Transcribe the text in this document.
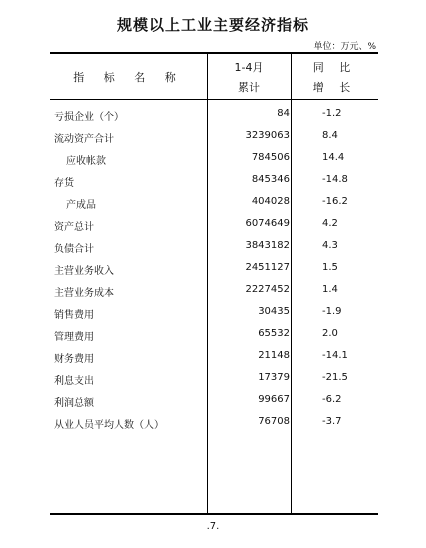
规模以上工业主要经济指标
单位：万元、%
指 标 名 称
1-4月
累计
同 比
增 长
亏损企业（个）	84	-1.2
流动资产合计	3239063	8.4
应收帐款	784506	14.4
存货	845346	-14.8
产成品	404028	-16.2
资产总计	6074649	4.2
负债合计	3843182	4.3
主营业务收入	2451127	1.5
主营业务成本	2227452	1.4
销售费用	30435	-1.9
管理费用	65532	2.0
财务费用	21148	-14.1
利息支出	17379	-21.5
利润总额	99667	-6.2
从业人员平均人数（人）	76708	-3.7
.7.
